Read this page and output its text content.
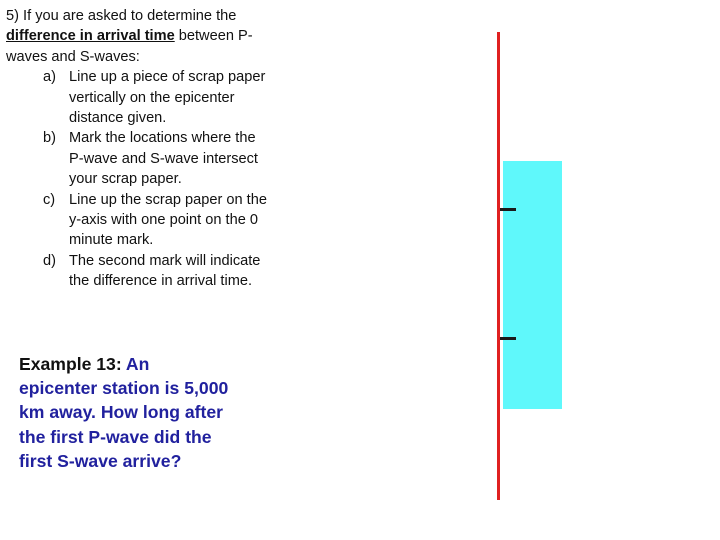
5) If you are asked to determine the difference in arrival time between P-waves and S-waves:

a) Line up a piece of scrap paper vertically on the epicenter distance given.
b) Mark the locations where the P-wave and S-wave intersect your scrap paper.
c) Line up the scrap paper on the y-axis with one point on the 0 minute mark.
d) The second mark will indicate the difference in arrival time.
Example 13: An epicenter station is 5,000 km away. How long after the first P-wave did the first S-wave arrive?
